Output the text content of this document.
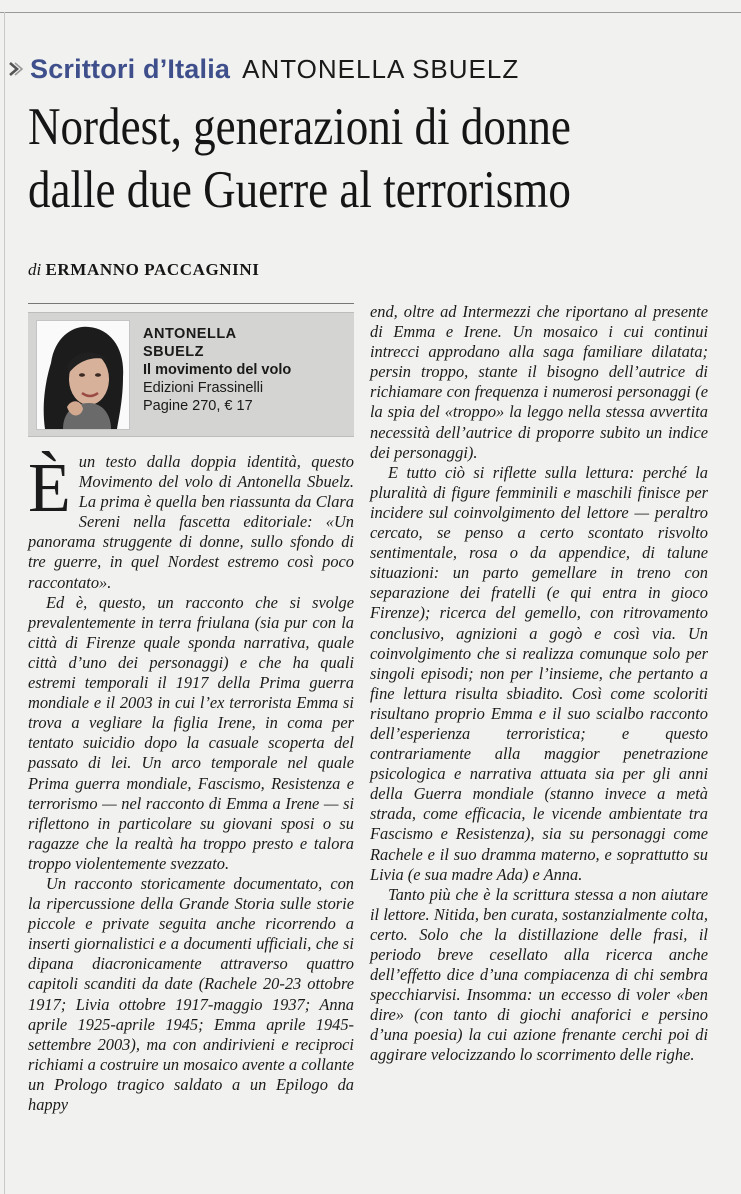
Scrittori d’Italia ANTONELLA SBUELZ
Nordest, generazioni di donne
dalle due Guerre al terrorismo
di ERMANNO PACCAGNINI
ANTONELLA
SBUELZ
Il movimento del volo
Edizioni Frassinelli
Pagine 270, € 17

Èun testo dalla doppia identità, questo Movimento del volo di Antonella Sbuelz. La prima è quella ben riassunta da Clara Sereni nella fascetta editoriale: «Un panorama struggente di donne, sullo sfondo di tre guerre, in quel Nordest estremo così poco raccontato».

Ed è, questo, un racconto che si svolge prevalentemente in terra friulana (sia pur con la città di Firenze quale sponda narrativa, quale città d’uno dei personaggi) e che ha quali estremi temporali il 1917 della Prima guerra mondiale e il 2003 in cui l’ex terrorista Emma si trova a vegliare la figlia Irene, in coma per tentato suicidio dopo la casuale scoperta del passato di lei. Un arco temporale nel quale Prima guerra mondiale, Fascismo, Resistenza e terrorismo — nel racconto di Emma a Irene — si riflettono in particolare su giovani sposi o su ragazze che la realtà ha troppo presto e talora troppo violentemente svezzato.

Un racconto storicamente documentato, con la ripercussione della Grande Storia sulle storie piccole e private seguita anche ricorrendo a inserti giornalistici e a documenti ufficiali, che si dipana diacronicamente attraverso quattro capitoli scanditi da date (Rachele 20-23 ottobre 1917; Livia ottobre 1917-maggio 1937; Anna aprile 1925-aprile 1945; Emma aprile 1945-settembre 2003), ma con andirivieni e reciproci richiami a costruire un mosaico avente a collante un Prologo tragico saldato a un Epilogo da happy

end, oltre ad Intermezzi che riportano al presente di Emma e Irene. Un mosaico i cui continui intrecci approdano alla saga familiare dilatata; persin troppo, stante il bisogno dell’autrice di richiamare con frequenza i numerosi personaggi (e la spia del «troppo» la leggo nella stessa avvertita necessità dell’autrice di proporre subito un indice dei personaggi).

E tutto ciò si riflette sulla lettura: perché la pluralità di figure femminili e maschili finisce per incidere sul coinvolgimento del lettore — peraltro cercato, se penso a certo scontato risvolto sentimentale, rosa o da appendice, di talune situazioni: un parto gemellare in treno con separazione dei fratelli (e qui entra in gioco Firenze); ricerca del gemello, con ritrovamento conclusivo, agnizioni a gogò e così via. Un coinvolgimento che si realizza comunque solo per singoli episodi; non per l’insieme, che pertanto a fine lettura risulta sbiadito. Così come scoloriti risultano proprio Emma e il suo scialbo racconto dell’esperienza terroristica; e questo contrariamente alla maggior penetrazione psicologica e narrativa attuata sia per gli anni della Guerra mondiale (stanno invece a metà strada, come efficacia, le vicende ambientate tra Fascismo e Resistenza), sia su personaggi come Rachele e il suo dramma materno, e soprattutto su Livia (e sua madre Ada) e Anna.

Tanto più che è la scrittura stessa a non aiutare il lettore. Nitida, ben curata, sostanzialmente colta, certo. Solo che la distillazione delle frasi, il periodo breve cesellato alla ricerca anche dell’effetto dice d’una compiacenza di chi sembra specchiarvisi. Insomma: un eccesso di voler «ben dire» (con tanto di giochi anaforici e persino d’una poesia) la cui azione frenante cerchi poi di aggirare velocizzando lo scorrimento delle righe.
